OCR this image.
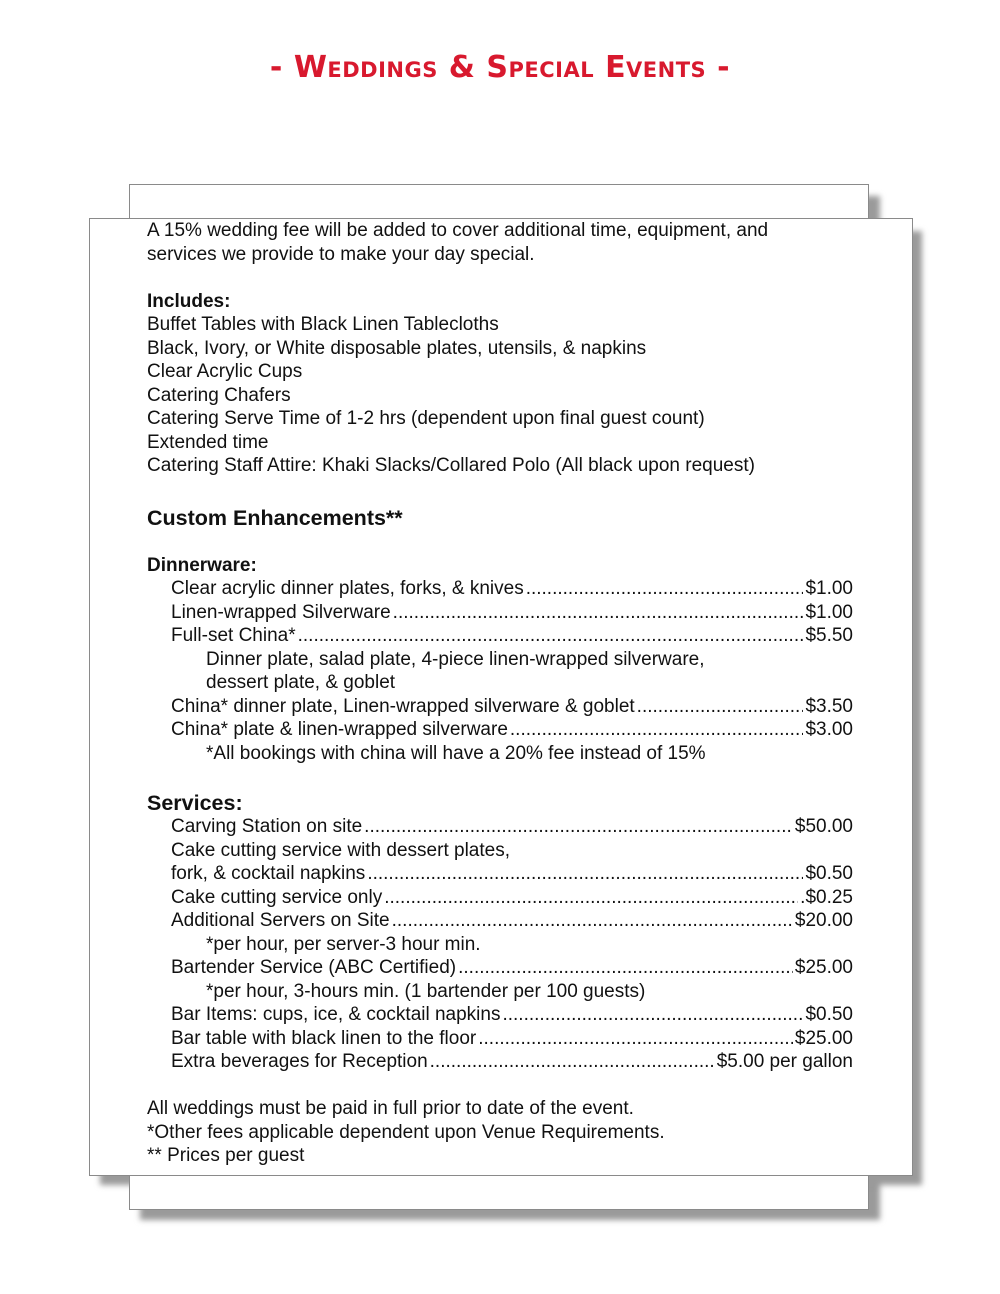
- Weddings & Special Events -

A 15% wedding fee will be added to cover additional time, equipment, and

services we provide to make your day special.

Includes:

Buffet Tables with Black Linen Tablecloths

Black, Ivory, or White disposable plates, utensils, & napkins

Clear Acrylic Cups

Catering Chafers

Catering Serve Time of 1-2 hrs (dependent upon final guest count)

Extended time

Catering Staff Attire: Khaki Slacks/Collared Polo (All black upon request)

Custom Enhancements**

Dinnerware:

Clear acrylic dinner plates, forks, & knives .....	$1.00
Linen-wrapped Silverware .....	$1.00
Full-set China* .....	$5.50

Dinner plate, salad plate, 4-piece linen-wrapped silverware,

dessert plate, & goblet

China* dinner plate, Linen-wrapped silverware & goblet .....	$3.50
China* plate & linen-wrapped silverware .....	$3.00

*All bookings with china will have a 20% fee instead of 15%

Services:

Carving Station on site .....	$50.00

Cake cutting service with dessert plates,

fork, & cocktail napkins .....	$0.50
Cake cutting service only .....	.$0.25
Additional Servers on Site .....	$20.00

*per hour, per server-3 hour min.

Bartender Service (ABC Certified) .....	$25.00

*per hour, 3-hours min. (1 bartender per 100 guests)

Bar Items: cups, ice, & cocktail napkins .....	$0.50
Bar table with black linen to the floor .....	$25.00
Extra beverages for Reception .....	$5.00 per gallon

All weddings must be paid in full prior to date of the event.

*Other fees applicable dependent upon Venue Requirements.

** Prices per guest
